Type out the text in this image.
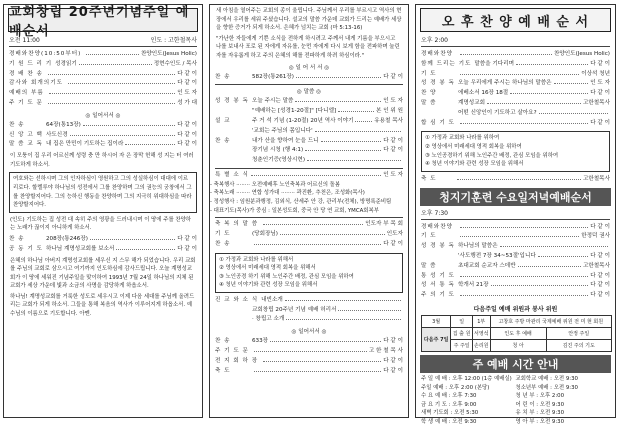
교회창립 20주년기념주일 예배순서
오전 11:00	인도 : 고한철목사
경배와찬양(10:50부터)	찬양인도(Jesus Holic)
기 원 드 리 기 성경읽기	정현수인도 / 목사
경 배 찬 송	다 같 이
감사와 회개의기도	다 같 이
예배의 부름	인 도 자
주 기 도 문	성 가 대
◎ 일어서서 ◎
찬 송	64장(통13장)	다 같 이
신 앙 고 백 사도신경	다 같 이
말 씀 교 독 내 집은 만민이 기도하는 집이라	다 같 이
이 모퉁이 집 우리 어르신께 성령 충 만 하시어 자 은 장막 헌해 성 지는 터 여러 기도하게 하소서.
여호와는 선하시며 그의 인자하심이 영원하고 그의 성실하심이 대대에 이르리로다. 할렐루야 하나님의 성전에서 그를 찬양하며 그의 권능의 궁창에서 그를 찬양할지어다. 그의 능하신 행동을 찬양하며 그의 지극히 위대하심을 따라 찬양할지어다.
(인도) 기도하는 집 성전 대 속히 주의 영광을 드러내시며 이 땅에 주를 찬양하는 노래가 끊이지 아니하게 하소서.
찬 송	208장(통246장)	다 같 이
공 동 기 도 하나님 계명성교회를 보소서	다 같 이
은혜의 하나님 아버지 계명성교회를 세우신 지 스무 해가 되었습니다. 우리 교회를 주님의 교회로 삼으시고 여기까지 인도하심에 감사드립니다. 오늘 계명성교회가 이 땅에 세워진 기념주일을 맞이하여 1993년 7월 24일 하나님의 지체 된 교회가 세상 가운데 빛과 소금의 사명을 감당하게 하옵소서.
하나님! 계명성교회를 거룩한 성도로 세우시고 이제 다음 세대를 주님께 올려드리는 교회가 되게 하소서. 그들을 통해 복음의 역사가 이루어지게 하옵소서. 예수님의 이름으로 기도합니다. 아멘.
새 아침을 열어주는 교회의 종이 울립니다. 주님께서 우리를 부르시고 역사의 현장에서 우리를 세워 주셨습니다. 설교의 말씀 가운데 교회가 드리는 예배가 세상을 향한 증거가 되게 하소서. 은혜가 넘치는 교회 (마 5:13-16)
"가난한 자들에게 기쁜 소식을 전하게 하시려고 주께서 내게 기름을 부으시고 나를 보내사 포로 된 자에게 자유를, 눈먼 자에게 다시 보게 함을 전파하며 눌린 자를 자유롭게 하고 주의 은혜의 해를 전파하게 하려 하심이라."
◎ 일 어 서 서 ◎
찬 송	582장(통261장)	다 같 이
◎ 말씀 ◎
성 경 봉 독 오늘 주시는 말씀	인 도 자
"예배하는 [성경1-20절]" [다니엘]	본 인 위 원
설 교	주 거 석 기념 (1-20절) 20년 역사 이야기	유용철 목사
'교회는 주님의 몸입니다'
찬 송	내가 산을 향하여 눈을 드니	다 같 이
장기념 시청 (행 4:1)	다 같 이
청춘인기증(영상시현)
특 별 소 식	인 도 자
- 축복행사 ········ 오전예배후 노인축복과 어르신의 돌봄
- 축복노래 ········ 연합 성가대 ········ 곽진환, 추천은, 조성화(목사)
- 정성행사 : 임원분과행정, 김외식, 산세주 안 강, 관리부(전체), 방명록준비팀
- 대표기도(목사)가 중심 : 일본성도회, 중국 안 당 연 교회, YMCA회복부
축 복 의 말 씀	인도자 부 목 회
기 도	(당회장님)	인도자
찬 송	다 같 이
① 가정과 교회와 나라를 위해서
② 영상에서 미래세대 영적 회복을 위해서
③ 노인공경 하기 위해 노인주간 배정, 관심 모임을 위하여
④ 청년 이야기와 관련 성장 모임을 위해서
진 교 와 소 식 내빈소개
교회창립 20주년 기념 예배 허리서
· 창립고 소개
◎ 일어서서 ◎
찬 송	633장	다 같 이
주 기 도 문	고 한 철 목 사
전 지 회 하 장	다 같 이
축 도	다 같 이
오 후 찬 양 예 배 순 서
오후 2:00
경배와찬양	찬양인도(Jesus Holic)
함께 드리는 기도 말씀을 기다리며	다 같 이
기 도	이상석 청년
성 경 봉 독 오늘 우리에게 주시는 하나님의 말씀은	인 도 자
찬 양	에베소서 16장 18절	다 같 이
말 씀	계명성교회	고한철목사
어떤 신앙인이 기도하고 살아요?
합 심 기 도	다 같 이
① 가정과 교회와 나라를 위하여
② 영상에서 미래세대 영적 회복을 위하여
③ 노인공경하기 위해 노인주간 배정, 관심 모임을 위하여
④ 청년 이야기와 관련 성장 모임을 위해서
축 도	고한철목사
청지기훈련 수요일저녁예배순서
오후 7:30
경배와찬양	다 같 이
기 도	한정덕 권사
성 경 봉 독 하나님의 말씀은
'사도행전 7장 34~53절'입니다	다 같 이
말 씀	초대교회 순교자 스데반	고한철목사
통 성 기 도	다 같 이
성 서 통 독 학개서 21장	다 같 이
주 의 기 도	다 같 이
다음주일 예배 위원과 봉사 위원
3월	일	1부	고창호 주방 마관리 국제예배 위원 전 미 현 회원	
다음주 7일	집 출 원	서영석	인도 후 예배	안정 주일
	주 주일	손리원	청 아	김진 주의 기도
주 예배 시간 안내
주 일 예 배 : 오후 12:00 (1층 예배실)
주일 예배 : 오후 2:00 (본당)
수 요 예 배 : 오후 7:30
금 요 기 도 : 오후 9:00
새벽 기도회 : 오전 5:30
학 생 예 배 : 오전 9:30
교회학교 예배 : 오전 9:30
청소년부 예배 : 오전 9:30
청 년 부 : 오후 2:00
어 린 이 : 오전 9:30
유 치 부 : 오전 9:30
영 아 부 : 오전 9:30
